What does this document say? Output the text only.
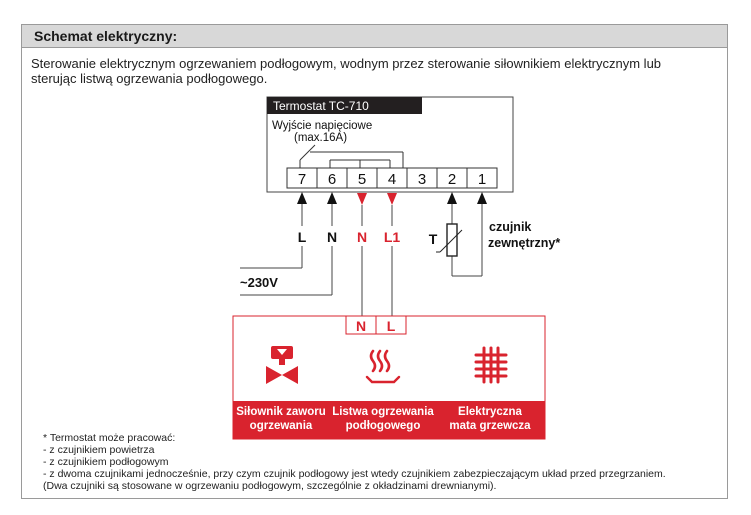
Schemat elektryczny:
Sterowanie elektrycznym ogrzewaniem podłogowym, wodnym przez sterowanie siłownikiem elektrycznym lub
sterując listwą ogrzewania podłogowego.
Termostat TC-710
Wyjście napięciowe
(max.16A)
7 6 5 4 3 2 1
L N
~230V
N L1 T
czujnik
zewnętrzny*
N L
Siłownik zaworu
ogrzewania
Listwa ogrzewania
podłogowego
Elektryczna
mata grzewcza
* Termostat może pracować:
- z czujnikiem powietrza
- z czujnikiem podłogowym
- z dwoma czujnikami jednocześnie, przy czym czujnik podłogowy jest wtedy czujnikiem zabezpieczającym układ przed przegrzaniem.
(Dwa czujniki są stosowane w ogrzewaniu podłogowym, szczególnie z okładzinami drewnianymi).
